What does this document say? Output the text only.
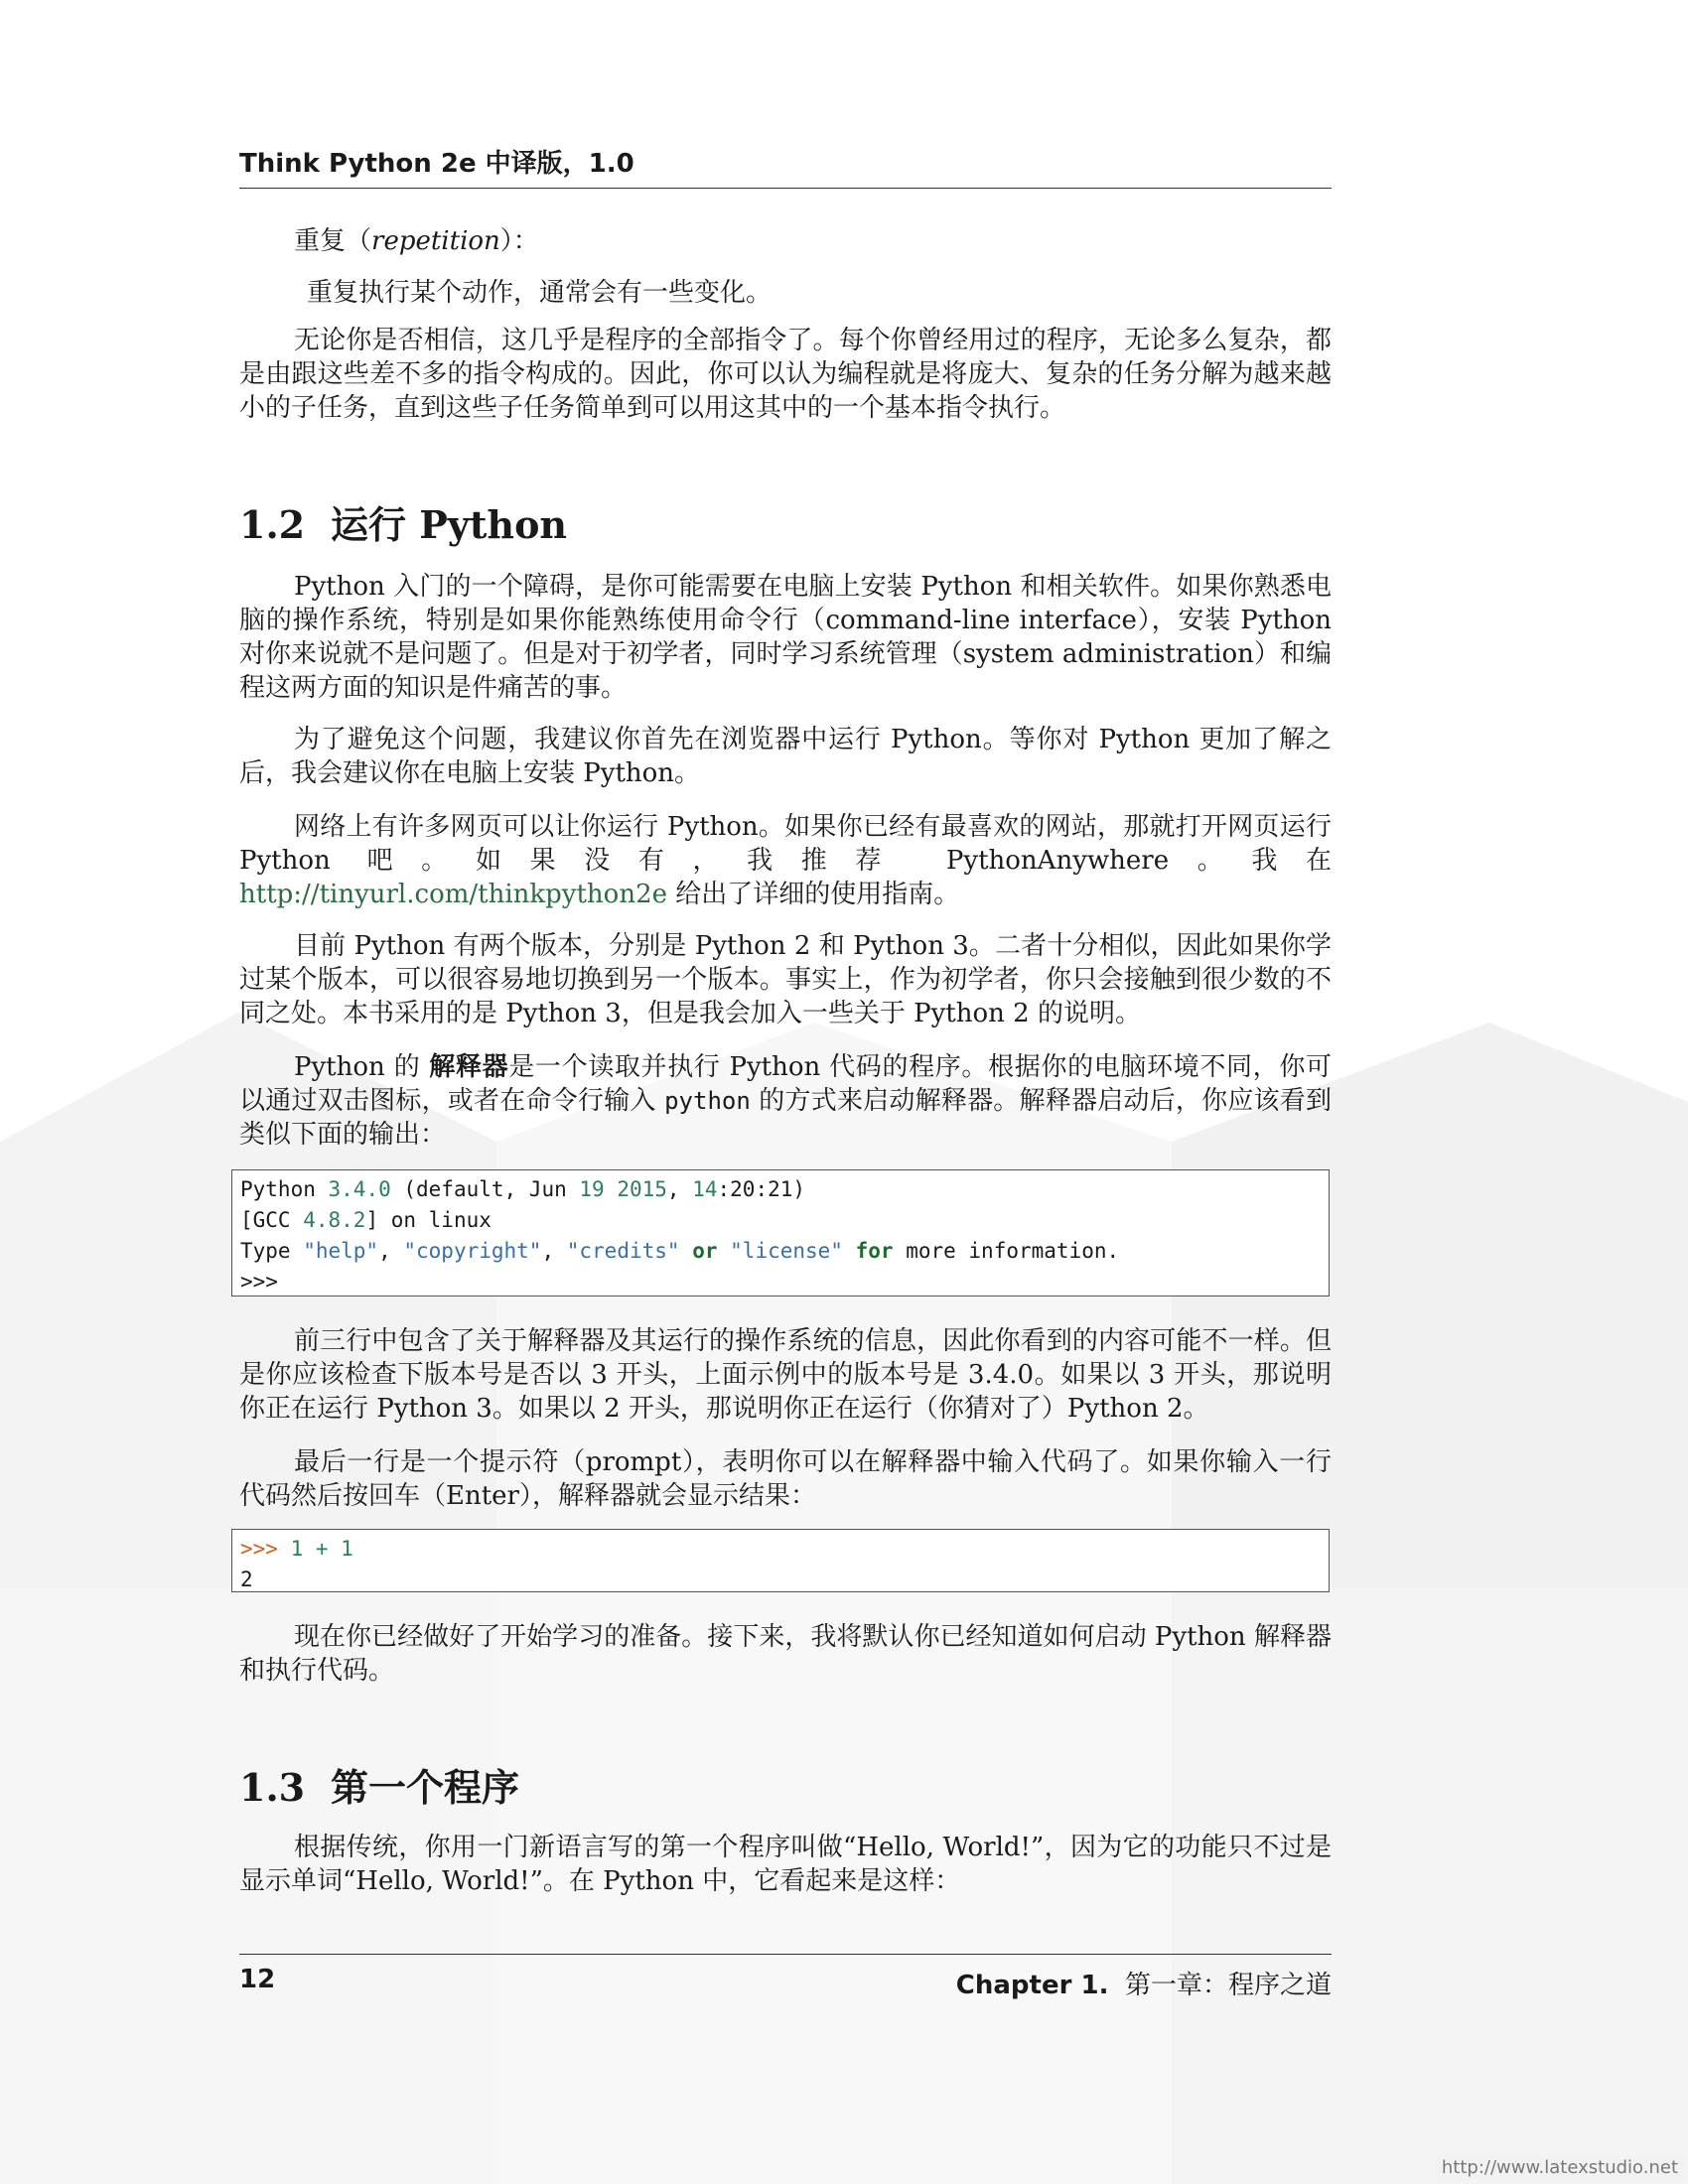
Think Python 2e 中译版，1.0
重复（repetition）：
重复执行某个动作，通常会有一些变化。

无论你是否相信，这几乎是程序的全部指令了。每个你曾经用过的程序，无论多么复杂，都是由跟这些差不多的指令构成的。因此，你可以认为编程就是将庞大、复杂的任务分解为越来越小的子任务，直到这些子任务简单到可以用这其中的一个基本指令执行。

1.2 运行 Python

Python 入门的一个障碍，是你可能需要在电脑上安装 Python 和相关软件。如果你熟悉电脑的操作系统，特别是如果你能熟练使用命令行（command-line interface），安装 Python 对你来说就不是问题了。但是对于初学者，同时学习系统管理（system administration）和编程这两方面的知识是件痛苦的事。

为了避免这个问题，我建议你首先在浏览器中运行 Python。等你对 Python 更加了解之后，我会建议你在电脑上安装 Python。

网络上有许多网页可以让你运行 Python。如果你已经有最喜欢的网站，那就打开网页运行 Python 吧。如果没有，我推荐 PythonAnywhere。我在 http://tinyurl.com/thinkpython2e 给出了详细的使用指南。

目前 Python 有两个版本，分别是 Python 2 和 Python 3。二者十分相似，因此如果你学过某个版本，可以很容易地切换到另一个版本。事实上，作为初学者，你只会接触到很少数的不同之处。本书采用的是 Python 3，但是我会加入一些关于 Python 2 的说明。

Python 的 解释器是一个读取并执行 Python 代码的程序。根据你的电脑环境不同，你可以通过双击图标，或者在命令行输入 python 的方式来启动解释器。解释器启动后，你应该看到类似下面的输出：

Python 3.4.0 (default, Jun 19 2015, 14:20:21)
[GCC 4.8.2] on linux
Type "help", "copyright", "credits" or "license" for more information.
>>>

前三行中包含了关于解释器及其运行的操作系统的信息，因此你看到的内容可能不一样。但是你应该检查下版本号是否以 3 开头，上面示例中的版本号是 3.4.0。如果以 3 开头，那说明你正在运行 Python 3。如果以 2 开头，那说明你正在运行（你猜对了）Python 2。

最后一行是一个提示符（prompt），表明你可以在解释器中输入代码了。如果你输入一行代码然后按回车（Enter），解释器就会显示结果：

>>> 1 + 1
2

现在你已经做好了开始学习的准备。接下来，我将默认你已经知道如何启动 Python 解释器和执行代码。

1.3 第一个程序

根据传统，你用一门新语言写的第一个程序叫做“Hello, World!”，因为它的功能只不过是显示单词“Hello, World!”。在 Python 中，它看起来是这样：

12	Chapter 1. 第一章：程序之道
http://www.latexstudio.net
